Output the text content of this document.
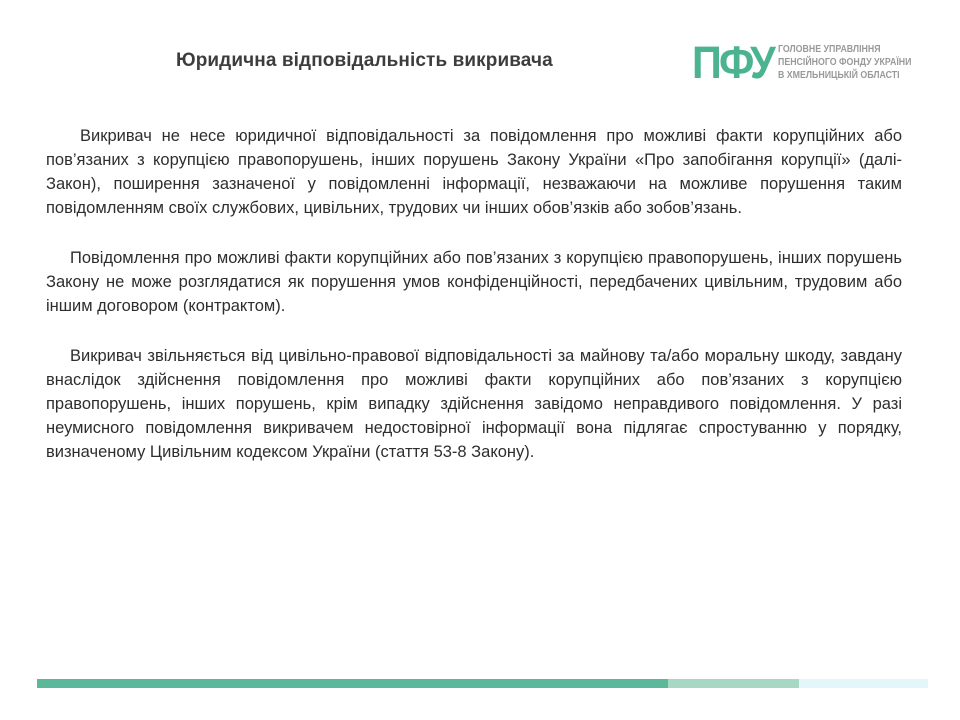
Юридична відповідальність викривача	ПФУ ГОЛОВНЕ УПРАВЛІННЯ
ПЕНСІЙНОГО ФОНДУ УКРАЇНИ
В ХМЕЛЬНИЦЬКІЙ ОБЛАСТІ

Викривач не несе юридичної відповідальності за повідомлення про можливі факти корупційних або пов’язаних з корупцією правопорушень, інших порушень Закону України «Про запобігання корупції» (далі-Закон), поширення зазначеної у повідомленні інформації, незважаючи на можливе порушення таким повідомленням своїх службових, цивільних, трудових чи інших обов’язків або зобов’язань.

Повідомлення про можливі факти корупційних або пов’язаних з корупцією правопорушень, інших порушень Закону не може розглядатися як порушення умов конфіденційності, передбачених цивільним, трудовим або іншим договором (контрактом).

Викривач звільняється від цивільно-правової відповідальності за майнову та/або моральну шкоду, завдану внаслідок здійснення повідомлення про можливі факти корупційних або пов’язаних з корупцією правопорушень, інших порушень, крім випадку здійснення завідомо неправдивого повідомлення. У разі неумисного повідомлення викривачем недостовірної інформації вона підлягає спростуванню у порядку, визначеному Цивільним кодексом України (стаття 53-8 Закону).
